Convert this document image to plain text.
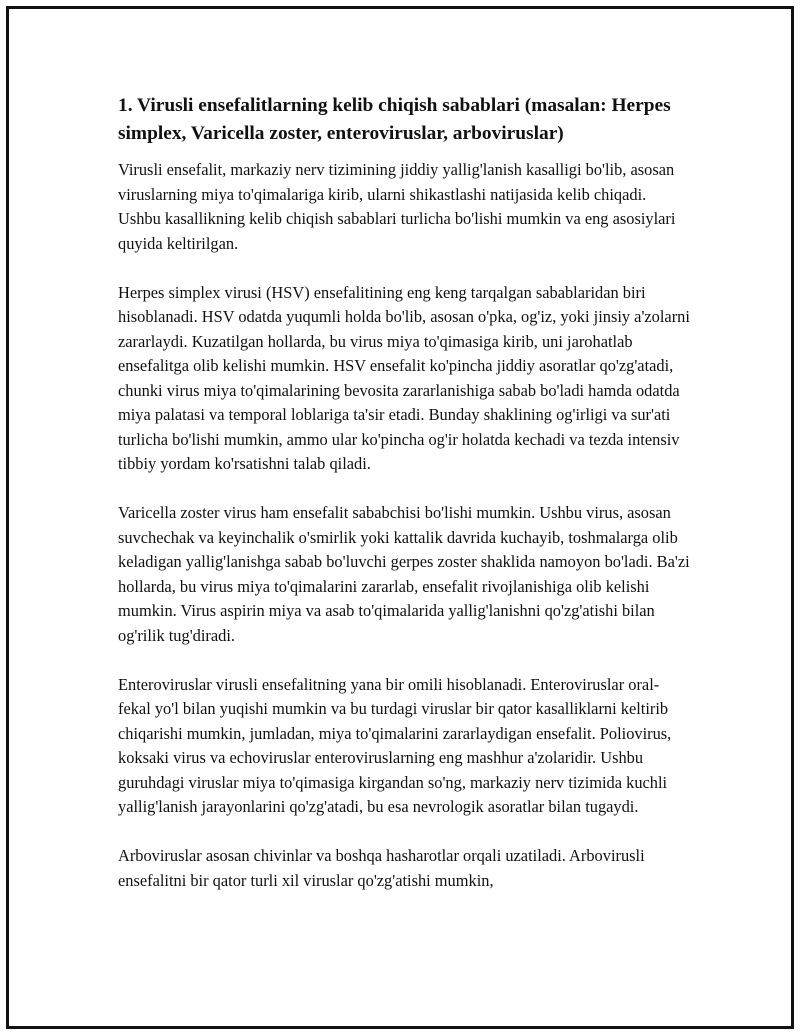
1. Virusli ensefalitlarning kelib chiqish sabablari (masalan: Herpes simplex, Varicella zoster, enteroviruslar, arboviruslar)

Virusli ensefalit, markaziy nerv tizimining jiddiy yallig'lanish kasalligi bo'lib, asosan viruslarning miya to'qimalariga kirib, ularni shikastlashi natijasida kelib chiqadi. Ushbu kasallikning kelib chiqish sabablari turlicha bo'lishi mumkin va eng asosiylari quyida keltirilgan.

Herpes simplex virusi (HSV) ensefalitining eng keng tarqalgan sabablaridan biri hisoblanadi. HSV odatda yuqumli holda bo'lib, asosan o'pka, og'iz, yoki jinsiy a'zolarni zararlaydi. Kuzatilgan hollarda, bu virus miya to'qimasiga kirib, uni jarohatlab ensefalitga olib kelishi mumkin. HSV ensefalit ko'pincha jiddiy asoratlar qo'zg'atadi, chunki virus miya to'qimalarining bevosita zararlanishiga sabab bo'ladi hamda odatda miya palatasi va temporal loblariga ta'sir etadi. Bunday shaklining og'irligi va sur'ati turlicha bo'lishi mumkin, ammo ular ko'pincha og'ir holatda kechadi va tezda intensiv tibbiy yordam ko'rsatishni talab qiladi.

Varicella zoster virus ham ensefalit sababchisi bo'lishi mumkin. Ushbu virus, asosan suvchechak va keyinchalik o'smirlik yoki kattalik davrida kuchayib, toshmalarga olib keladigan yallig'lanishga sabab bo'luvchi gerpes zoster shaklida namoyon bo'ladi. Ba'zi hollarda, bu virus miya to'qimalarini zararlab, ensefalit rivojlanishiga olib kelishi mumkin. Virus aspirin miya va asab to'qimalarida yallig'lanishni qo'zg'atishi bilan og'rilik tug'diradi.

Enteroviruslar virusli ensefalitning yana bir omili hisoblanadi. Enteroviruslar oral-fekal yo'l bilan yuqishi mumkin va bu turdagi viruslar bir qator kasalliklarni keltirib chiqarishi mumkin, jumladan, miya to'qimalarini zararlaydigan ensefalit. Poliovirus, koksaki virus va echoviruslar enteroviruslarning eng mashhur a'zolaridir. Ushbu guruhdagi viruslar miya to'qimasiga kirgandan so'ng, markaziy nerv tizimida kuchli yallig'lanish jarayonlarini qo'zg'atadi, bu esa nevrologik asoratlar bilan tugaydi.

Arboviruslar asosan chivinlar va boshqa hasharotlar orqali uzatiladi. Arbovirusli ensefalitni bir qator turli xil viruslar qo'zg'atishi mumkin,
